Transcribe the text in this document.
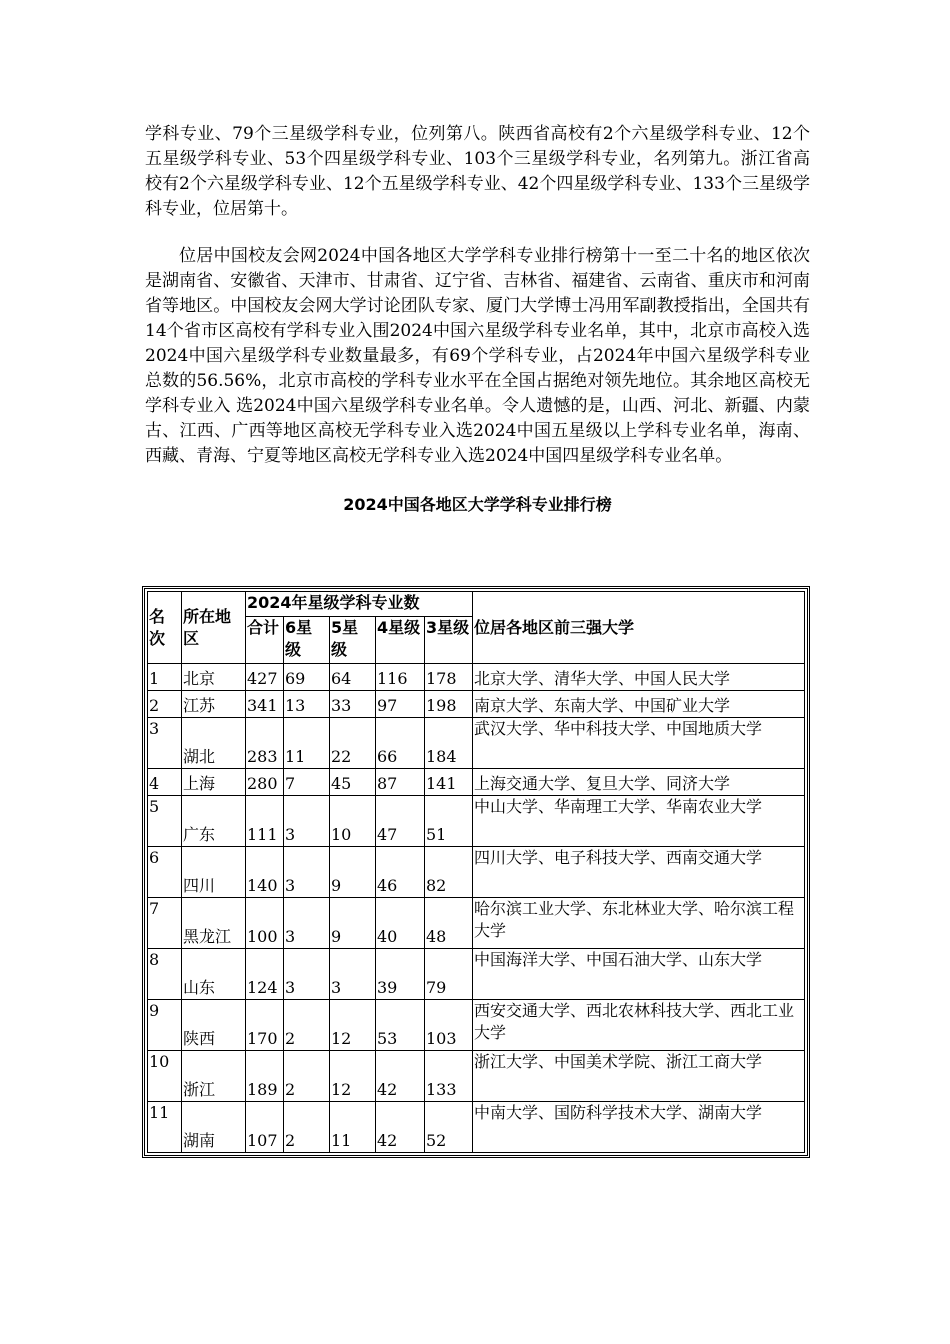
学科专业、79个三星级学科专业，位列第八。陕西省高校有2个六星级学科专业、12个五星级学科专业、53个四星级学科专业、103个三星级学科专业，名列第九。浙江省高校有2个六星级学科专业、12个五星级学科专业、42个四星级学科专业、133个三星级学科专业，位居第十。

位居中国校友会网2024中国各地区大学学科专业排行榜第十一至二十名的地区依次是湖南省、安徽省、天津市、甘肃省、辽宁省、吉林省、福建省、云南省、重庆市和河南省等地区。中国校友会网大学讨论团队专家、厦门大学博士冯用军副教授指出，全国共有14个省市区高校有学科专业入围2024中国六星级学科专业名单，其中，北京市高校入选2024中国六星级学科专业数量最多，有69个学科专业，占2024年中国六星级学科专业总数的56.56%，北京市高校的学科专业水平在全国占据绝对领先地位。其余地区高校无学科专业入 选2024中国六星级学科专业名单。令人遗憾的是，山西、河北、新疆、内蒙古、江西、广西等地区高校无学科专业入选2024中国五星级以上学科专业名单，海南、西藏、青海、宁夏等地区高校无学科专业入选2024中国四星级学科专业名单。

2024中国各地区大学学科专业排行榜
名次	所在地区	2024年星级学科专业数					位居各地区前三强大学
		合计	6星级	5星级	4星级	3星级	
1	北京	427	69	64	116	178	北京大学、清华大学、中国人民大学
2	江苏	341	13	33	97	198	南京大学、东南大学、中国矿业大学
3	湖北	283	11	22	66	184	武汉大学、华中科技大学、中国地质大学
4	上海	280	7	45	87	141	上海交通大学、复旦大学、同济大学
5	广东	111	3	10	47	51	中山大学、华南理工大学、华南农业大学
6	四川	140	3	9	46	82	四川大学、电子科技大学、西南交通大学
7	黑龙江	100	3	9	40	48	哈尔滨工业大学、东北林业大学、哈尔滨工程大学
8	山东	124	3	3	39	79	中国海洋大学、中国石油大学、山东大学
9	陕西	170	2	12	53	103	西安交通大学、西北农林科技大学、西北工业大学
10	浙江	189	2	12	42	133	浙江大学、中国美术学院、浙江工商大学
11	湖南	107	2	11	42	52	中南大学、国防科学技术大学、湖南大学
